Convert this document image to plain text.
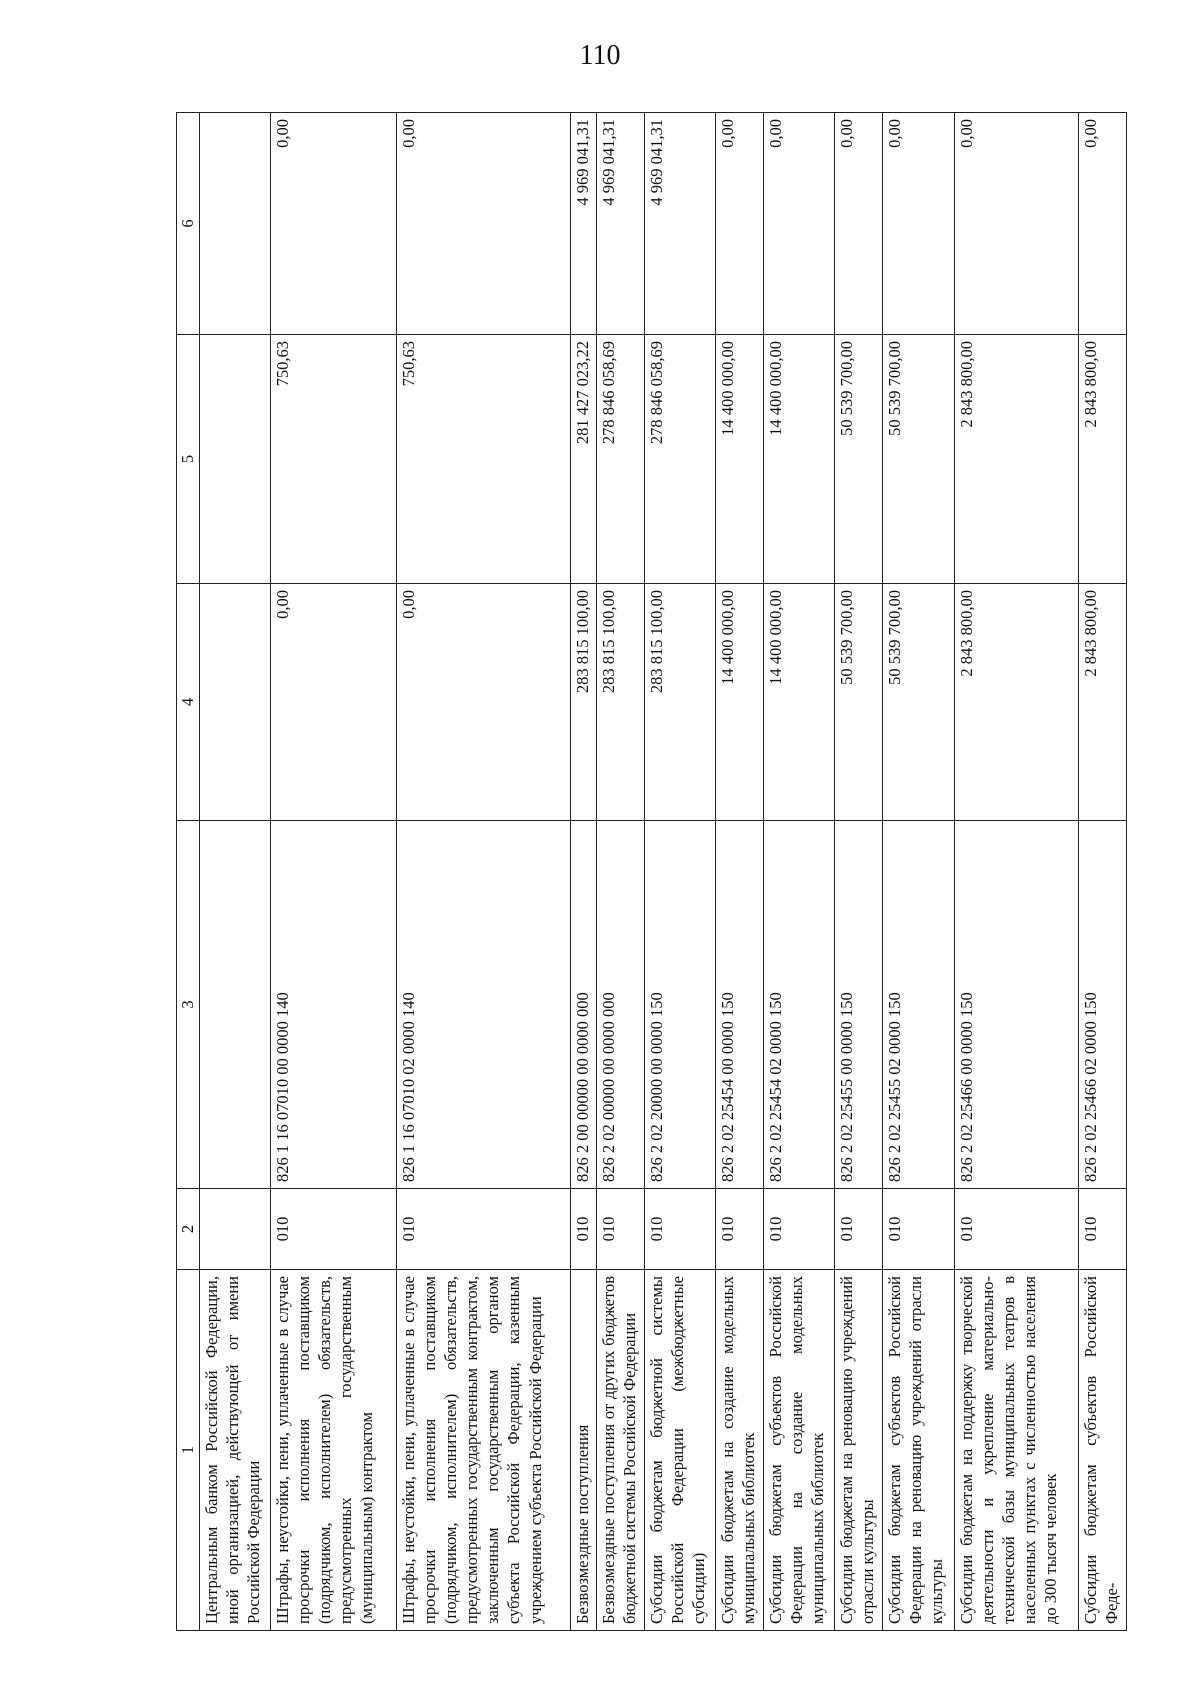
110
1	2	3	4	5	6
Центральным банком Российской Федерации, иной организацией, действующей от имени Российской Федерации					
Штрафы, неустойки, пени, уплаченные в случае просрочки исполнения поставщиком (подрядчиком, исполнителем) обязательств, предусмотренных государственным (муниципальным) контрактом	010	826 1 16 07010 00 0000 140	0,00	750,63	0,00
Штрафы, неустойки, пени, уплаченные в случае просрочки исполнения поставщиком (подрядчиком, исполнителем) обязательств, предусмотренных государственным контрактом, заключенным государственным органом субъекта Российской Федерации, казенным учреждением субъекта Российской Федерации	010	826 1 16 07010 02 0000 140	0,00	750,63	0,00
Безвозмездные поступления	010	826 2 00 00000 00 0000 000	283 815 100,00	281 427 023,22	4 969 041,31
Безвозмездные поступления от других бюджетов бюджетной системы Российской Федерации	010	826 2 02 00000 00 0000 000	283 815 100,00	278 846 058,69	4 969 041,31
Субсидии бюджетам бюджетной системы Российской Федерации (межбюджетные субсидии)	010	826 2 02 20000 00 0000 150	283 815 100,00	278 846 058,69	4 969 041,31
Субсидии бюджетам на создание модельных муниципальных библиотек	010	826 2 02 25454 00 0000 150	14 400 000,00	14 400 000,00	0,00
Субсидии бюджетам субъектов Российской Федерации на создание модельных муниципальных библиотек	010	826 2 02 25454 02 0000 150	14 400 000,00	14 400 000,00	0,00
Субсидии бюджетам на реновацию учреждений отрасли культуры	010	826 2 02 25455 00 0000 150	50 539 700,00	50 539 700,00	0,00
Субсидии бюджетам субъектов Российской Федерации на реновацию учреждений отрасли культуры	010	826 2 02 25455 02 0000 150	50 539 700,00	50 539 700,00	0,00
Субсидии бюджетам на поддержку творческой деятельности и укрепление материально-технической базы муниципальных театров в населенных пунктах с численностью населения до 300 тысяч человек	010	826 2 02 25466 00 0000 150	2 843 800,00	2 843 800,00	0,00
Субсидии бюджетам субъектов Российской Феде-	010	826 2 02 25466 02 0000 150	2 843 800,00	2 843 800,00	0,00
